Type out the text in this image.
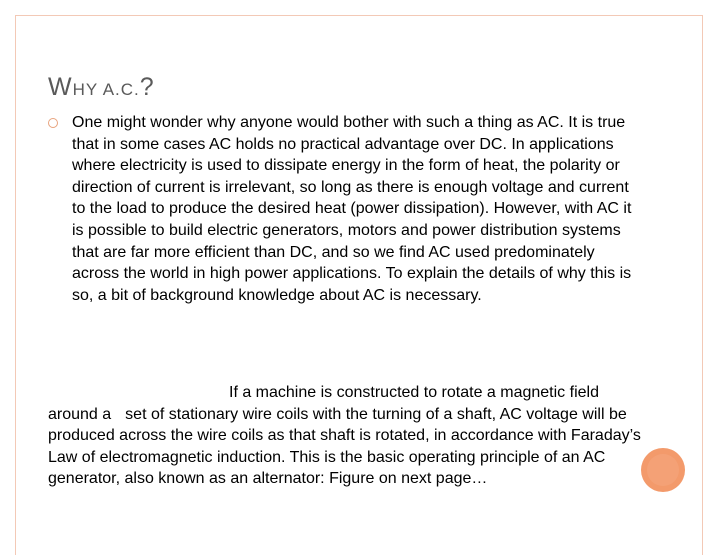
WHY A.C.?

One might wonder why anyone would bother with such a thing as AC. It is true that in some cases AC holds no practical advantage over DC. In applications where electricity is used to dissipate energy in the form of heat, the polarity or direction of current is irrelevant, so long as there is enough voltage and current to the load to produce the desired heat (power dissipation). However, with AC it is possible to build electric generators, motors and power distribution systems that are far more efficient than DC, and so we find AC used predominately across the world in high power applications. To explain the details of why this is so, a bit of background knowledge about AC is necessary.

If a machine is constructed to rotate a magnetic field around a set of stationary wire coils with the turning of a shaft, AC voltage will be produced across the wire coils as that shaft is rotated, in accordance with Faraday’s Law of electromagnetic induction. This is the basic operating principle of an AC generator, also known as an alternator: Figure on next page…
